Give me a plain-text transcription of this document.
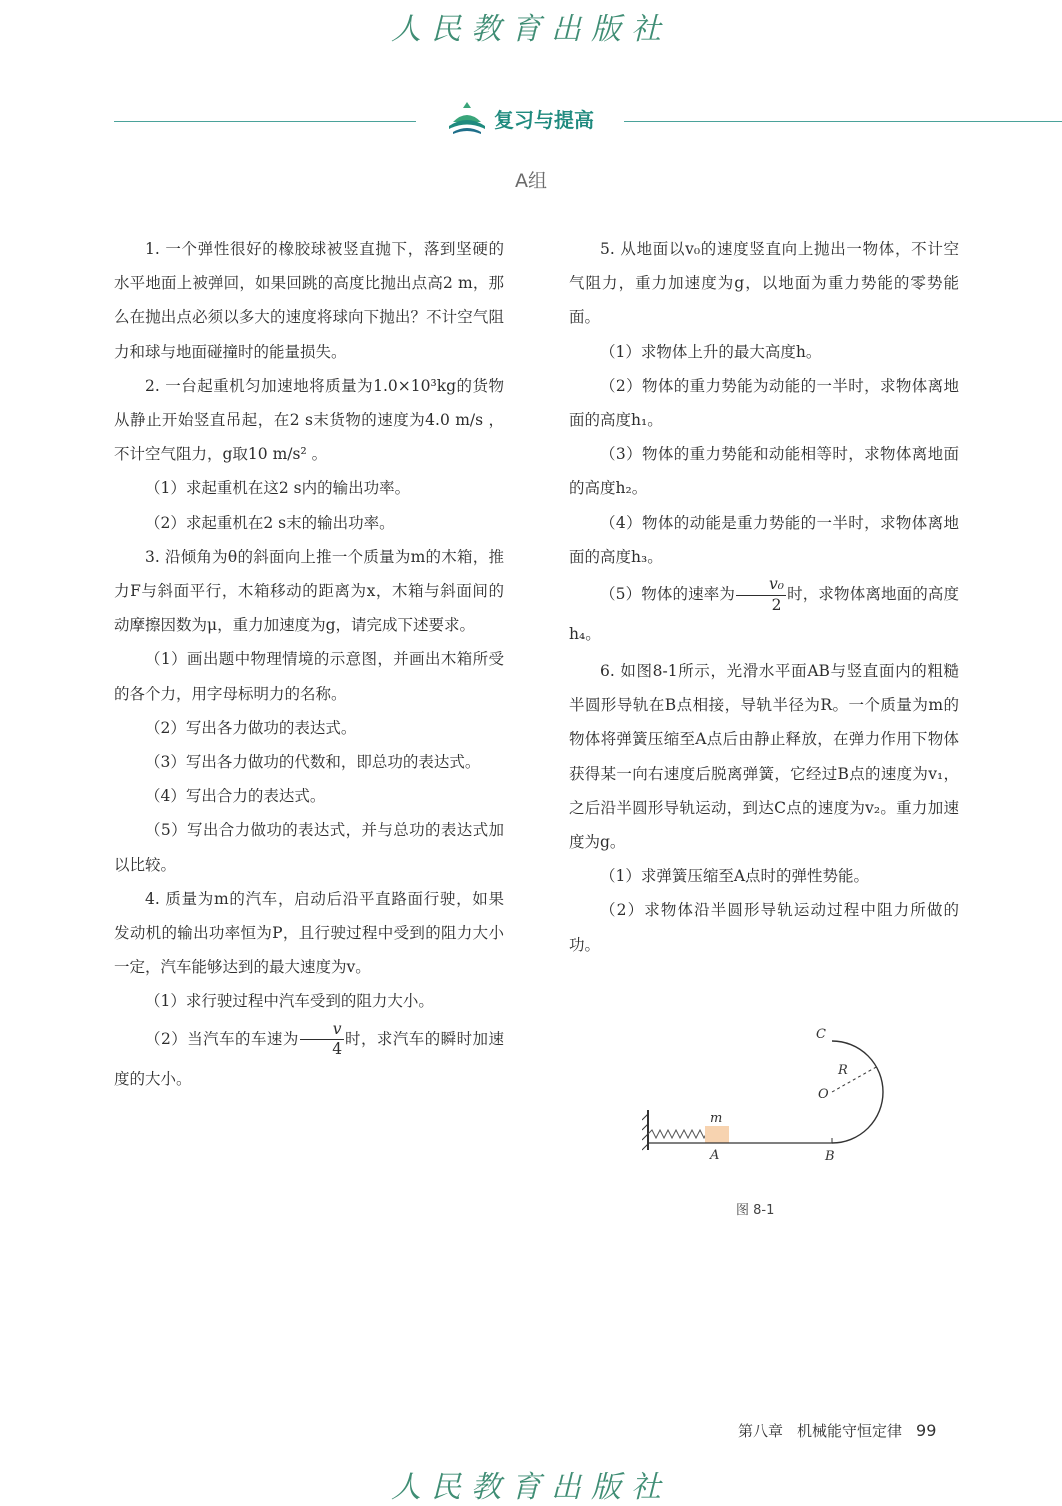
人民教育出版社
复习与提高
A组

1. 一个弹性很好的橡胶球被竖直抛下，落到坚硬的水平地面上被弹回，如果回跳的高度比抛出点高2 m，那么在抛出点必须以多大的速度将球向下抛出？不计空气阻力和球与地面碰撞时的能量损失。

2. 一台起重机匀加速地将质量为1.0×10³kg的货物从静止开始竖直吊起，在2 s末货物的速度为4.0 m/s ，不计空气阻力，g取10 m/s² 。

（1）求起重机在这2 s内的输出功率。

（2）求起重机在2 s末的输出功率。

3. 沿倾角为θ的斜面向上推一个质量为m的木箱，推力F与斜面平行，木箱移动的距离为x，木箱与斜面间的动摩擦因数为μ，重力加速度为g，请完成下述要求。

（1）画出题中物理情境的示意图，并画出木箱所受的各个力，用字母标明力的名称。

（2）写出各力做功的表达式。

（3）写出各力做功的代数和，即总功的表达式。

（4）写出合力的表达式。

（5）写出合力做功的表达式，并与总功的表达式加以比较。

4. 质量为m的汽车，启动后沿平直路面行驶，如果发动机的输出功率恒为P，且行驶过程中受到的阻力大小一定，汽车能够达到的最大速度为v。

（1）求行驶过程中汽车受到的阻力大小。

（2）当汽车的车速为 $\frac{v}{4}$ 时，求汽车的瞬时加速度的大小。

5. 从地面以v₀的速度竖直向上抛出一物体，不计空气阻力，重力加速度为g，以地面为重力势能的零势能面。

（1）求物体上升的最大高度h。

（2）物体的重力势能为动能的一半时，求物体离地面的高度h₁。

（3）物体的重力势能和动能相等时，求物体离地面的高度h₂。

（4）物体的动能是重力势能的一半时，求物体离地面的高度h₃。

（5）物体的速率为 $\frac{\text{v₀}}{2}$ 时，求物体离地面的高度h₄。

6. 如图8-1所示，光滑水平面AB与竖直面内的粗糙半圆形导轨在B点相接，导轨半径为R。一个质量为m的物体将弹簧压缩至A点后由静止释放，在弹力作用下物体获得某一向右速度后脱离弹簧，它经过B点的速度为v₁，之后沿半圆形导轨运动，到达C点的速度为v₂。重力加速度为g。

（1）求弹簧压缩至A点时的弹性势能。

（2）求物体沿半圆形导轨运动过程中阻力所做的功。

C
R
O
m
A	B
图 8-1
第八章 机械能守恒定律 99
人民教育出版社
